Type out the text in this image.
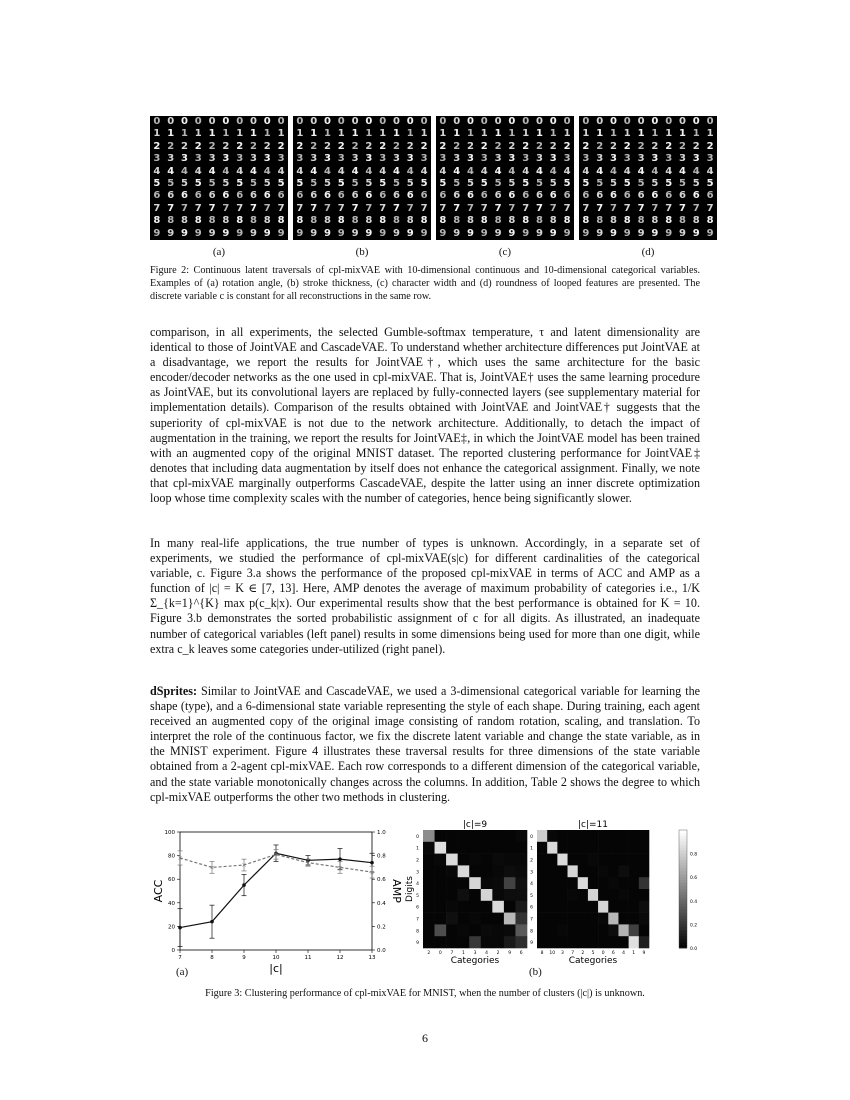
0 0 0 0 0 0 0 0 0 0
1 1 1 1 1 1 1 1 1 1
2 2 2 2 2 2 2 2 2 2
3 3 3 3 3 3 3 3 3 3
4 4 4 4 4 4 4 4 4 4
5 5 5 5 5 5 5 5 5 5
6 6 6 6 6 6 6 6 6 6
7 7 7 7 7 7 7 7 7 7
8 8 8 8 8 8 8 8 8 8
9 9 9 9 9 9 9 9 9 9
0 0 0 0 0 0 0 0 0 0
1 1 1 1 1 1 1 1 1 1
2 2 2 2 2 2 2 2 2 2
3 3 3 3 3 3 3 3 3 3
4 4 4 4 4 4 4 4 4 4
5 5 5 5 5 5 5 5 5 5
6 6 6 6 6 6 6 6 6 6
7 7 7 7 7 7 7 7 7 7
8 8 8 8 8 8 8 8 8 8
9 9 9 9 9 9 9 9 9 9
0 0 0 0 0 0 0 0 0 0
1 1 1 1 1 1 1 1 1 1
2 2 2 2 2 2 2 2 2 2
3 3 3 3 3 3 3 3 3 3
4 4 4 4 4 4 4 4 4 4
5 5 5 5 5 5 5 5 5 5
6 6 6 6 6 6 6 6 6 6
7 7 7 7 7 7 7 7 7 7
8 8 8 8 8 8 8 8 8 8
9 9 9 9 9 9 9 9 9 9
0 0 0 0 0 0 0 0 0 0
1 1 1 1 1 1 1 1 1 1
2 2 2 2 2 2 2 2 2 2
3 3 3 3 3 3 3 3 3 3
4 4 4 4 4 4 4 4 4 4
5 5 5 5 5 5 5 5 5 5
6 6 6 6 6 6 6 6 6 6
7 7 7 7 7 7 7 7 7 7
8 8 8 8 8 8 8 8 8 8
9 9 9 9 9 9 9 9 9 9
(a)	(b)	(c)	(d)
Figure 2: Continuous latent traversals of cpl-mixVAE with 10-dimensional continuous and 10-dimensional categorical variables. Examples of (a) rotation angle, (b) stroke thickness, (c) character width and (d) roundness of looped features are presented. The discrete variable c is constant for all reconstructions in the same row.

comparison, in all experiments, the selected Gumble-softmax temperature, τ and latent dimensionality are identical to those of JointVAE and CascadeVAE. To understand whether architecture differences put JointVAE at a disadvantage, we report the results for JointVAE†, which uses the same architecture for the basic encoder/decoder networks as the one used in cpl-mixVAE. That is, JointVAE† uses the same learning procedure as JointVAE, but its convolutional layers are replaced by fully-connected layers (see supplementary material for implementation details). Comparison of the results obtained with JointVAE and JointVAE† suggests that the superiority of cpl-mixVAE is not due to the network architecture. Additionally, to detach the impact of augmentation in the training, we report the results for JointVAE‡, in which the JointVAE model has been trained with an augmented copy of the original MNIST dataset. The reported clustering performance for JointVAE‡ denotes that including data augmentation by itself does not enhance the categorical assignment. Finally, we note that cpl-mixVAE marginally outperforms CascadeVAE, despite the latter using an inner discrete optimization loop whose time complexity scales with the number of categories, hence being significantly slower.

In many real-life applications, the true number of types is unknown. Accordingly, in a separate set of experiments, we studied the performance of cpl-mixVAE(s|c) for different cardinalities of the categorical variable, c. Figure 3.a shows the performance of the proposed cpl-mixVAE in terms of ACC and AMP as a function of |c| = K ∈ [7, 13]. Here, AMP denotes the average of maximum probability of categories i.e., 1/K Σ_{k=1}^{K} max p(c_k|x). Our experimental results show that the best performance is obtained for K = 10. Figure 3.b demonstrates the sorted probabilistic assignment of c for all digits. As illustrated, an inadequate number of categorical variables (left panel) results in some dimensions being used for more than one digit, while extra c_k leaves some categories under-utilized (right panel).

dSprites: Similar to JointVAE and CascadeVAE, we used a 3-dimensional categorical variable for learning the shape (type), and a 6-dimensional state variable representing the style of each shape. During training, each agent received an augmented copy of the original image consisting of random rotation, scaling, and translation. To interpret the role of the continuous factor, we fix the discrete latent variable and change the state variable, as in the MNIST experiment. Figure 4 illustrates these traversal results for three dimensions of the state variable obtained from a 2-agent cpl-mixVAE. Each row corresponds to a different dimension of the categorical variable, and the state variable monotonically changes across the columns. In addition, Table 2 shows the degree to which cpl-mixVAE outperforms the other two methods in clustering.

0
20
40
60
80
100
0.0
0.2
0.4
0.6
0.8
1.0
7	8	9	10	11	12	13
|c|
ACC	AMP
×
×	×
×
×
×
×
(a)
|c|=9
0
1
2
3
4
5
6
7
8
9
2 0 7 1 3 4 2 9 6
Categories
Digits
|c|=11
0
1
2
3
4
5
6
7
8
9
8 10 3 7 2 5 0 6 4 1 9
Categories
0.0
0.2
0.4
0.6
0.8
(b)
Figure 3: Clustering performance of cpl-mixVAE for MNIST, when the number of clusters (|c|) is unknown.
6
